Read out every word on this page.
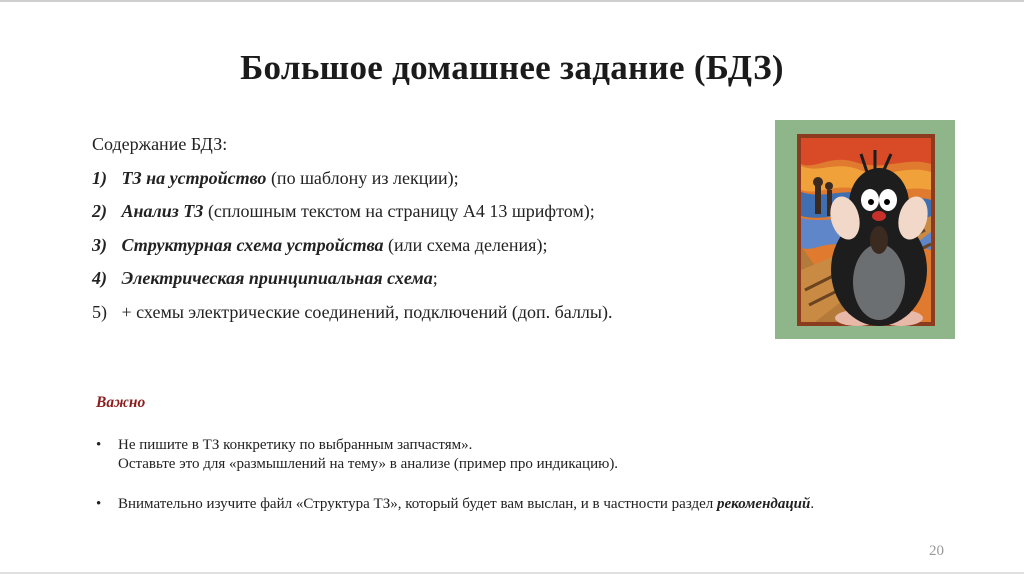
Большое домашнее задание (БДЗ)
Содержание БДЗ:
1) ТЗ на устройство (по шаблону из лекции);
2) Анализ ТЗ (сплошным текстом на страницу А4 13 шрифтом);
3) Структурная схема устройства (или схема деления);
4) Электрическая принципиальная схема;
5) + схемы электрические соединений, подключений (доп. баллы).
Важно
• Не пишите в ТЗ конкретику по выбранным запчастям».
Оставьте это для «размышлений на тему» в анализе (пример про индикацию).
• Внимательно изучите файл «Структура ТЗ», который будет вам выслан, и в частности раздел рекомендаций.
20
